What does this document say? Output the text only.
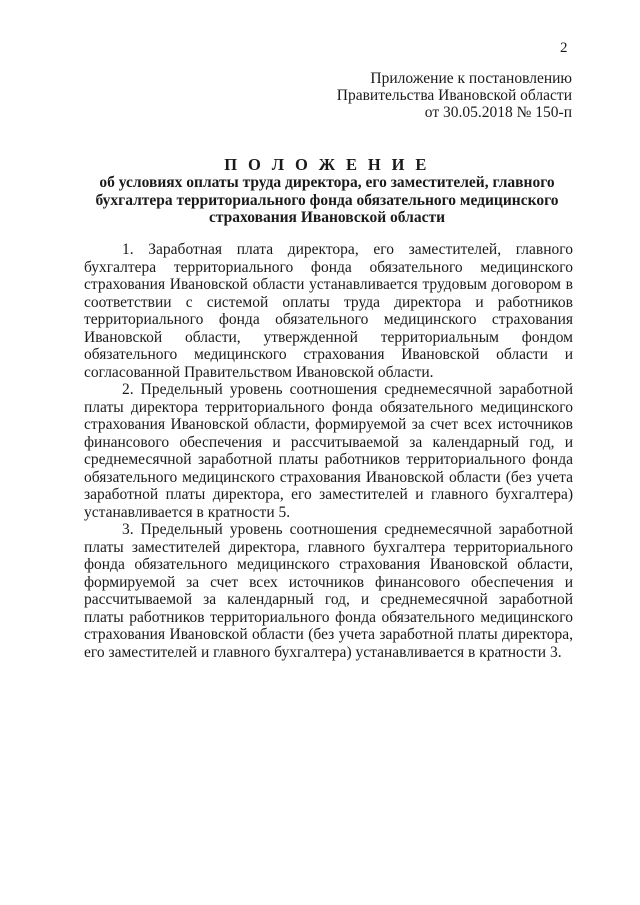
2
Приложение к постановлению
Правительства Ивановской области
от 30.05.2018 № 150-п
П О Л О Ж Е Н И Е
об условиях оплаты труда директора, его заместителей, главного бухгалтера территориального фонда обязательного медицинского страхования Ивановской области

1. Заработная плата директора, его заместителей, главного бухгалтера территориального фонда обязательного медицинского страхования Ивановской области устанавливается трудовым договором в соответствии с системой оплаты труда директора и работников территориального фонда обязательного медицинского страхования Ивановской области, утвержденной территориальным фондом обязательного медицинского страхования Ивановской области и согласованной Правительством Ивановской области.

2. Предельный уровень соотношения среднемесячной заработной платы директора территориального фонда обязательного медицинского страхования Ивановской области, формируемой за счет всех источников финансового обеспечения и рассчитываемой за календарный год, и среднемесячной заработной платы работников территориального фонда обязательного медицинского страхования Ивановской области (без учета заработной платы директора, его заместителей и главного бухгалтера) устанавливается в кратности 5.

3. Предельный уровень соотношения среднемесячной заработной платы заместителей директора, главного бухгалтера территориального фонда обязательного медицинского страхования Ивановской области, формируемой за счет всех источников финансового обеспечения и рассчитываемой за календарный год, и среднемесячной заработной платы работников территориального фонда обязательного медицинского страхования Ивановской области (без учета заработной платы директора, его заместителей и главного бухгалтера) устанавливается в кратности 3.
